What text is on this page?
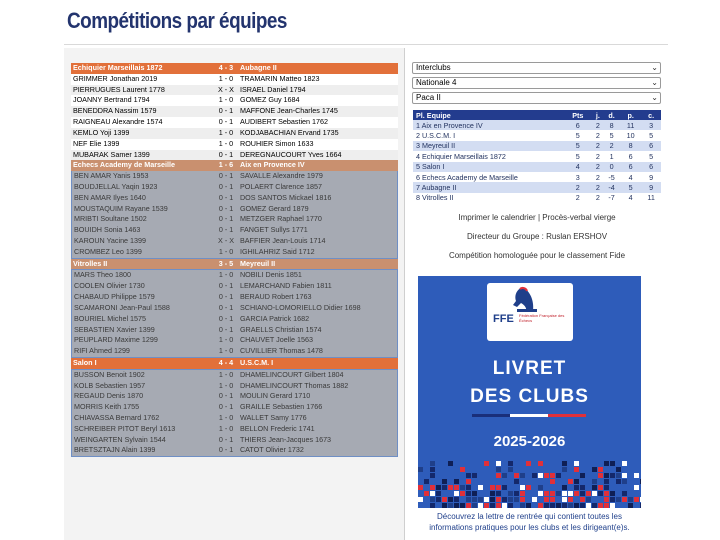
Compétitions par équipes
Echiquier Marseillais 1872	4 - 3 Aubagne II
GRIMMER Jonathan 2019	1 - 0 TRAMARIN Matteo 1823
PIERRUGUES Laurent 1778	X - X ISRAEL Daniel 1794
JOANNY Bertrand 1794	1 - 0 GOMEZ Guy 1684
BENEDDRA Nassim 1579	0 - 1 MAFFONE Jean-Charles 1745
RAIGNEAU Alexandre 1574	0 - 1 AUDIBERT Sebastien 1762
KEMLO Yoji 1399	1 - 0 KODJABACHIAN Ervand 1735
NEF Elie 1399	1 - 0 ROUHIER Simon 1633
MUBARAK Samer 1399	0 - 1 DEREGNAUCOURT Yves 1664
Echecs Academy de Marseille	1 - 6 Aix en Provence IV
BEN AMAR Yanis 1953	0 - 1 SAVALLE Alexandre 1979
BOUDJELLAL Yaqin 1923	0 - 1 POLAERT Clarence 1857
BEN AMAR Ilyes 1640	0 - 1 DOS SANTOS Mickael 1816
MOUSTAQUIM Rayane 1539	0 - 1 GOMEZ Gerard 1879
MRIBTI Soultane 1502	0 - 1 METZGER Raphael 1770
BOUIDH Sonia 1463	0 - 1 FANGET Sullys 1771
KAROUN Yacine 1399	X - X BAFFIER Jean-Louis 1714
CROMBEZ Leo 1399	1 - 0 IGHILAHRIZ Said 1712
Vitrolles II	3 - 5 Meyreuil II
MARS Theo 1800	1 - 0 NOBILI Denis 1851
COOLEN Olivier 1730	0 - 1 LEMARCHAND Fabien 1811
CHABAUD Philippe 1579	0 - 1 BERAUD Robert 1763
SCAMARONI Jean-Paul 1588	0 - 1 SCHIANO-LOMORIELLO Didier 1698
BOURIEL Michel 1575	0 - 1 GARCIA Patrick 1682
SEBASTIEN Xavier 1399	0 - 1 GRAELLS Christian 1574
PEUPLARD Maxime 1299	1 - 0 CHAUVET Joelle 1563
RIFI Ahmed 1299	1 - 0 CUVILLIER Thomas 1478
Salon I	4 - 4 U.S.C.M. I
BUSSON Benoit 1902	1 - 0 DHAMELINCOURT Gilbert 1804
KOLB Sebastien 1957	1 - 0 DHAMELINCOURT Thomas 1882
REGAUD Denis 1870	0 - 1 MOULIN Gerard 1710
MORRIS Keith 1755	0 - 1 GRAILLE Sebastien 1766
CHIAVASSA Bernard 1762	1 - 0 WALLET Samy 1776
SCHREIBER PITOT Beryl 1613	1 - 0 BELLON Frederic 1741
WEINGARTEN Sylvain 1544	0 - 1 THIERS Jean-Jacques 1673
BRETSZTAJN Alain 1399	0 - 1 CATOT Olivier 1732
Interclubs	⌄
Nationale 4	⌄
Paca II	⌄
Pl. Equipe	Pts	j.	d.	p.	c.
1 Aix en Provence IV	6	2	8	11	3
2 U.S.C.M. I	5	2	5	10	5
3 Meyreuil II	5	2	2	8	6
4 Echiquier Marseillais 1872	5	2	1	6	5
5 Salon I	4	2	0	6	6
6 Echecs Academy de Marseille	3	2	-5	4	9
7 Aubagne II	2	2	-4	5	9
8 Vitrolles II	2	2	-7	4	11
Imprimer le calendrier | Procès-verbal vierge
Directeur du Groupe : Ruslan ERSHOV
Compétition homologuée pour le classement Fide
FFE Fédération Française des Échecs
LIVRET
DES CLUBS
2025-2026
Découvrez la lettre de rentrée qui contient toutes les informations pratiques pour les clubs et les dirigeant(e)s.
